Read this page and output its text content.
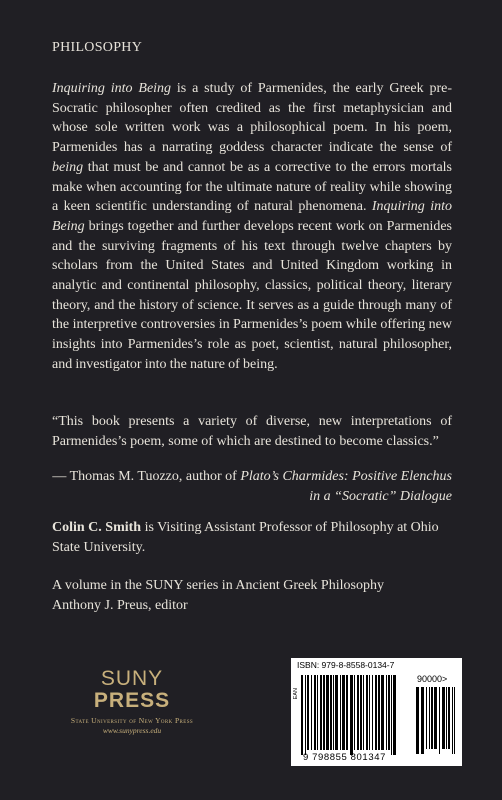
PHILOSOPHY
Inquiring into Being is a study of Parmenides, the early Greek pre-Socratic philosopher often credited as the first metaphysician and whose sole written work was a philosophical poem. In his poem, Parmenides has a narrating goddess character indicate the sense of being that must be and cannot be as a corrective to the errors mortals make when accounting for the ultimate nature of reality while showing a keen scientific understanding of natural phenomena. Inquiring into Being brings together and further develops recent work on Parmenides and the surviving fragments of his text through twelve chapters by scholars from the United States and United Kingdom working in analytic and continental philosophy, classics, political theory, literary theory, and the history of science. It serves as a guide through many of the interpretive controversies in Parmenides’s poem while offering new insights into Parmenides’s role as poet, scientist, natural philosopher, and investigator into the nature of being.
“This book presents a variety of diverse, new interpretations of Parmenides’s poem, some of which are destined to become classics.”
— Thomas M. Tuozzo, author of Plato’s Charmides: Positive Elenchus in a “Socratic” Dialogue
Colin C. Smith is Visiting Assistant Professor of Philosophy at Ohio State University.
A volume in the SUNY series in Ancient Greek Philosophy
Anthony J. Preus, editor
SUNY
PRESS
State University of New York Press
www.sunypress.edu
ISBN: 979-8-8558-0134-7
EAN
90000>
9 798855 801347
